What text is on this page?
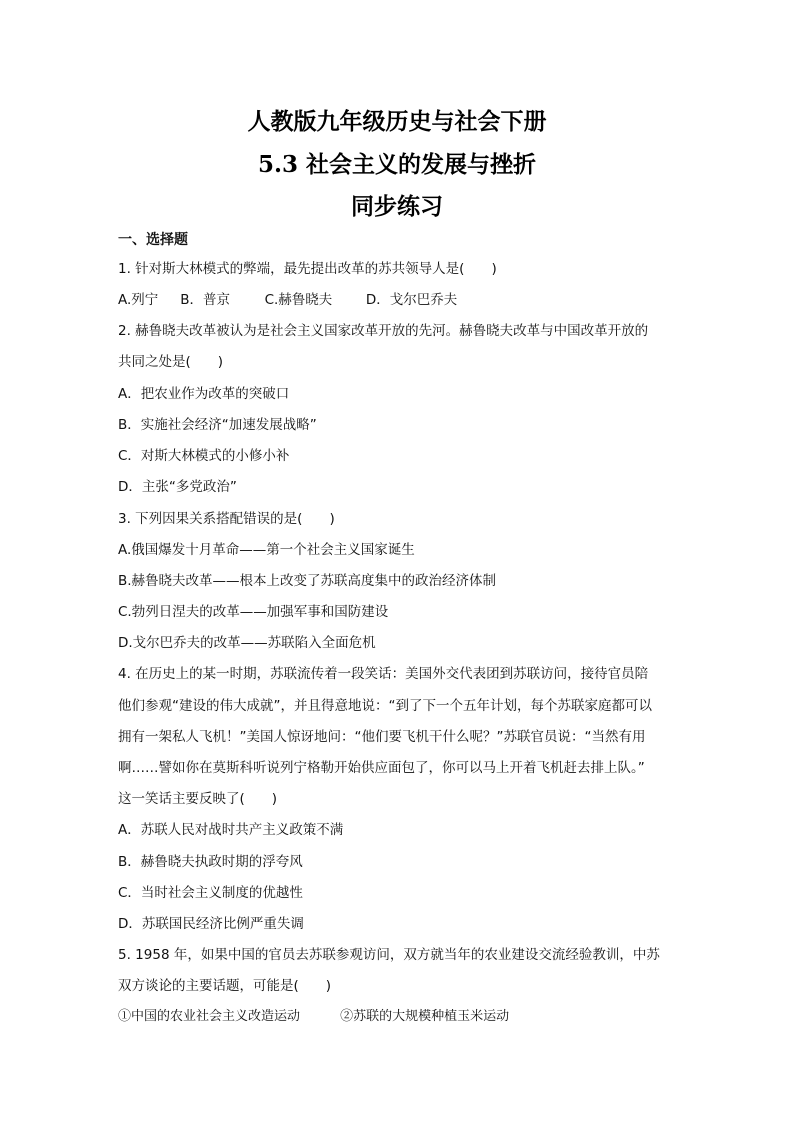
人教版九年级历史与社会下册
5.3 社会主义的发展与挫折
同步练习
一、选择题
1. 针对斯大林模式的弊端，最先提出改革的苏共领导人是(　　)
A.列宁 B．普京	C.赫鲁晓夫 D．戈尔巴乔夫
2. 赫鲁晓夫改革被认为是社会主义国家改革开放的先河。赫鲁晓夫改革与中国改革开放的
共同之处是(　　)
A．把农业作为改革的突破口
B．实施社会经济“加速发展战略”
C．对斯大林模式的小修小补
D．主张“多党政治”
3. 下列因果关系搭配错误的是(　　)
A.俄国爆发十月革命——第一个社会主义国家诞生
B.赫鲁晓夫改革——根本上改变了苏联高度集中的政治经济体制
C.勃列日涅夫的改革——加强军事和国防建设
D.戈尔巴乔夫的改革——苏联陷入全面危机
4. 在历史上的某一时期，苏联流传着一段笑话：美国外交代表团到苏联访问，接待官员陪
他们参观“建设的伟大成就”，并且得意地说：“到了下一个五年计划，每个苏联家庭都可以
拥有一架私人飞机！”美国人惊讶地问：“他们要飞机干什么呢？”苏联官员说：“当然有用
啊……譬如你在莫斯科听说列宁格勒开始供应面包了，你可以马上开着飞机赶去排上队。”
这一笑话主要反映了(　　)
A．苏联人民对战时共产主义政策不满
B．赫鲁晓夫执政时期的浮夸风
C．当时社会主义制度的优越性
D．苏联国民经济比例严重失调
5. 1958 年，如果中国的官员去苏联参观访问，双方就当年的农业建设交流经验教训，中苏
双方谈论的主要话题，可能是(　　)
①中国的农业社会主义改造运动	②苏联的大规模种植玉米运动
